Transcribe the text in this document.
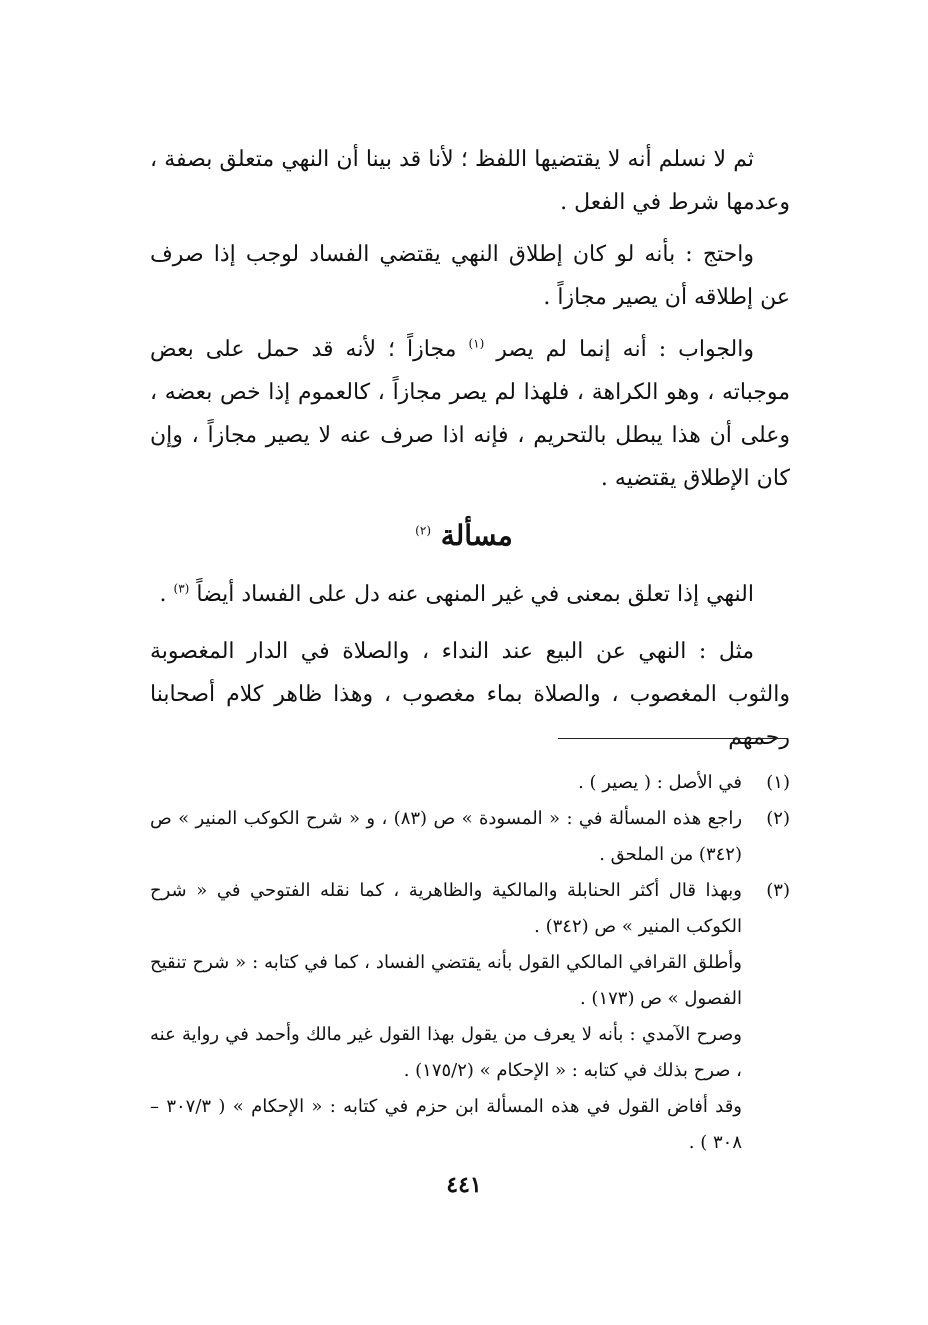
ثم لا نسلم أنه لا يقتضيها اللفظ ؛ لأنا قد بينا أن النهي متعلق بصفة ، وعدمها شرط في الفعل .

واحتج : بأنه لو كان إطلاق النهي يقتضي الفساد لوجب إذا صرف عن إطلاقه أن يصير مجازاً .

والجواب : أنه إنما لم يصر $^{(١)}$ مجازاً ؛ لأنه قد حمل على بعض موجباته ، وهو الكراهة ، فلهذا لم يصر مجازاً ، كالعموم إذا خص بعضه ، وعلى أن هذا يبطل بالتحريم ، فإنه اذا صرف عنه لا يصير مجازاً ، وإن كان الإطلاق يقتضيه .

مسألة $^{(٢)}$

النهي إذا تعلق بمعنى في غير المنهى عنه دل على الفساد أيضاً $^{(٣)}$ .

مثل : النهي عن البيع عند النداء ، والصلاة في الدار المغصوبة والثوب المغصوب ، والصلاة بماء مغصوب ، وهذا ظاهر كلام أصحابنا رحمهم

(١)

في الأصل : ( يصير ) .

(٢)

راجع هذه المسألة في : « المسودة » ص (٨٣) ، و « شرح الكوكب المنير » ص (٣٤٢) من الملحق .

(٣)

وبهذا قال أكثر الحنابلة والمالكية والظاهرية ، كما نقله الفتوحي في « شرح الكوكب المنير » ص (٣٤٢) .

وأطلق القرافي المالكي القول بأنه يقتضي الفساد ، كما في كتابه : « شرح تنقيح الفصول » ص (١٧٣) .

وصرح الآمدي : بأنه لا يعرف من يقول بهذا القول غير مالك وأحمد في رواية عنه ، صرح بذلك في كتابه : « الإحكام » (١٧٥/٢) .

وقد أفاض القول في هذه المسألة ابن حزم في كتابه : « الإحكام » ( ٣٠٧/٣ – ٣٠٨ ) .

٤٤١
